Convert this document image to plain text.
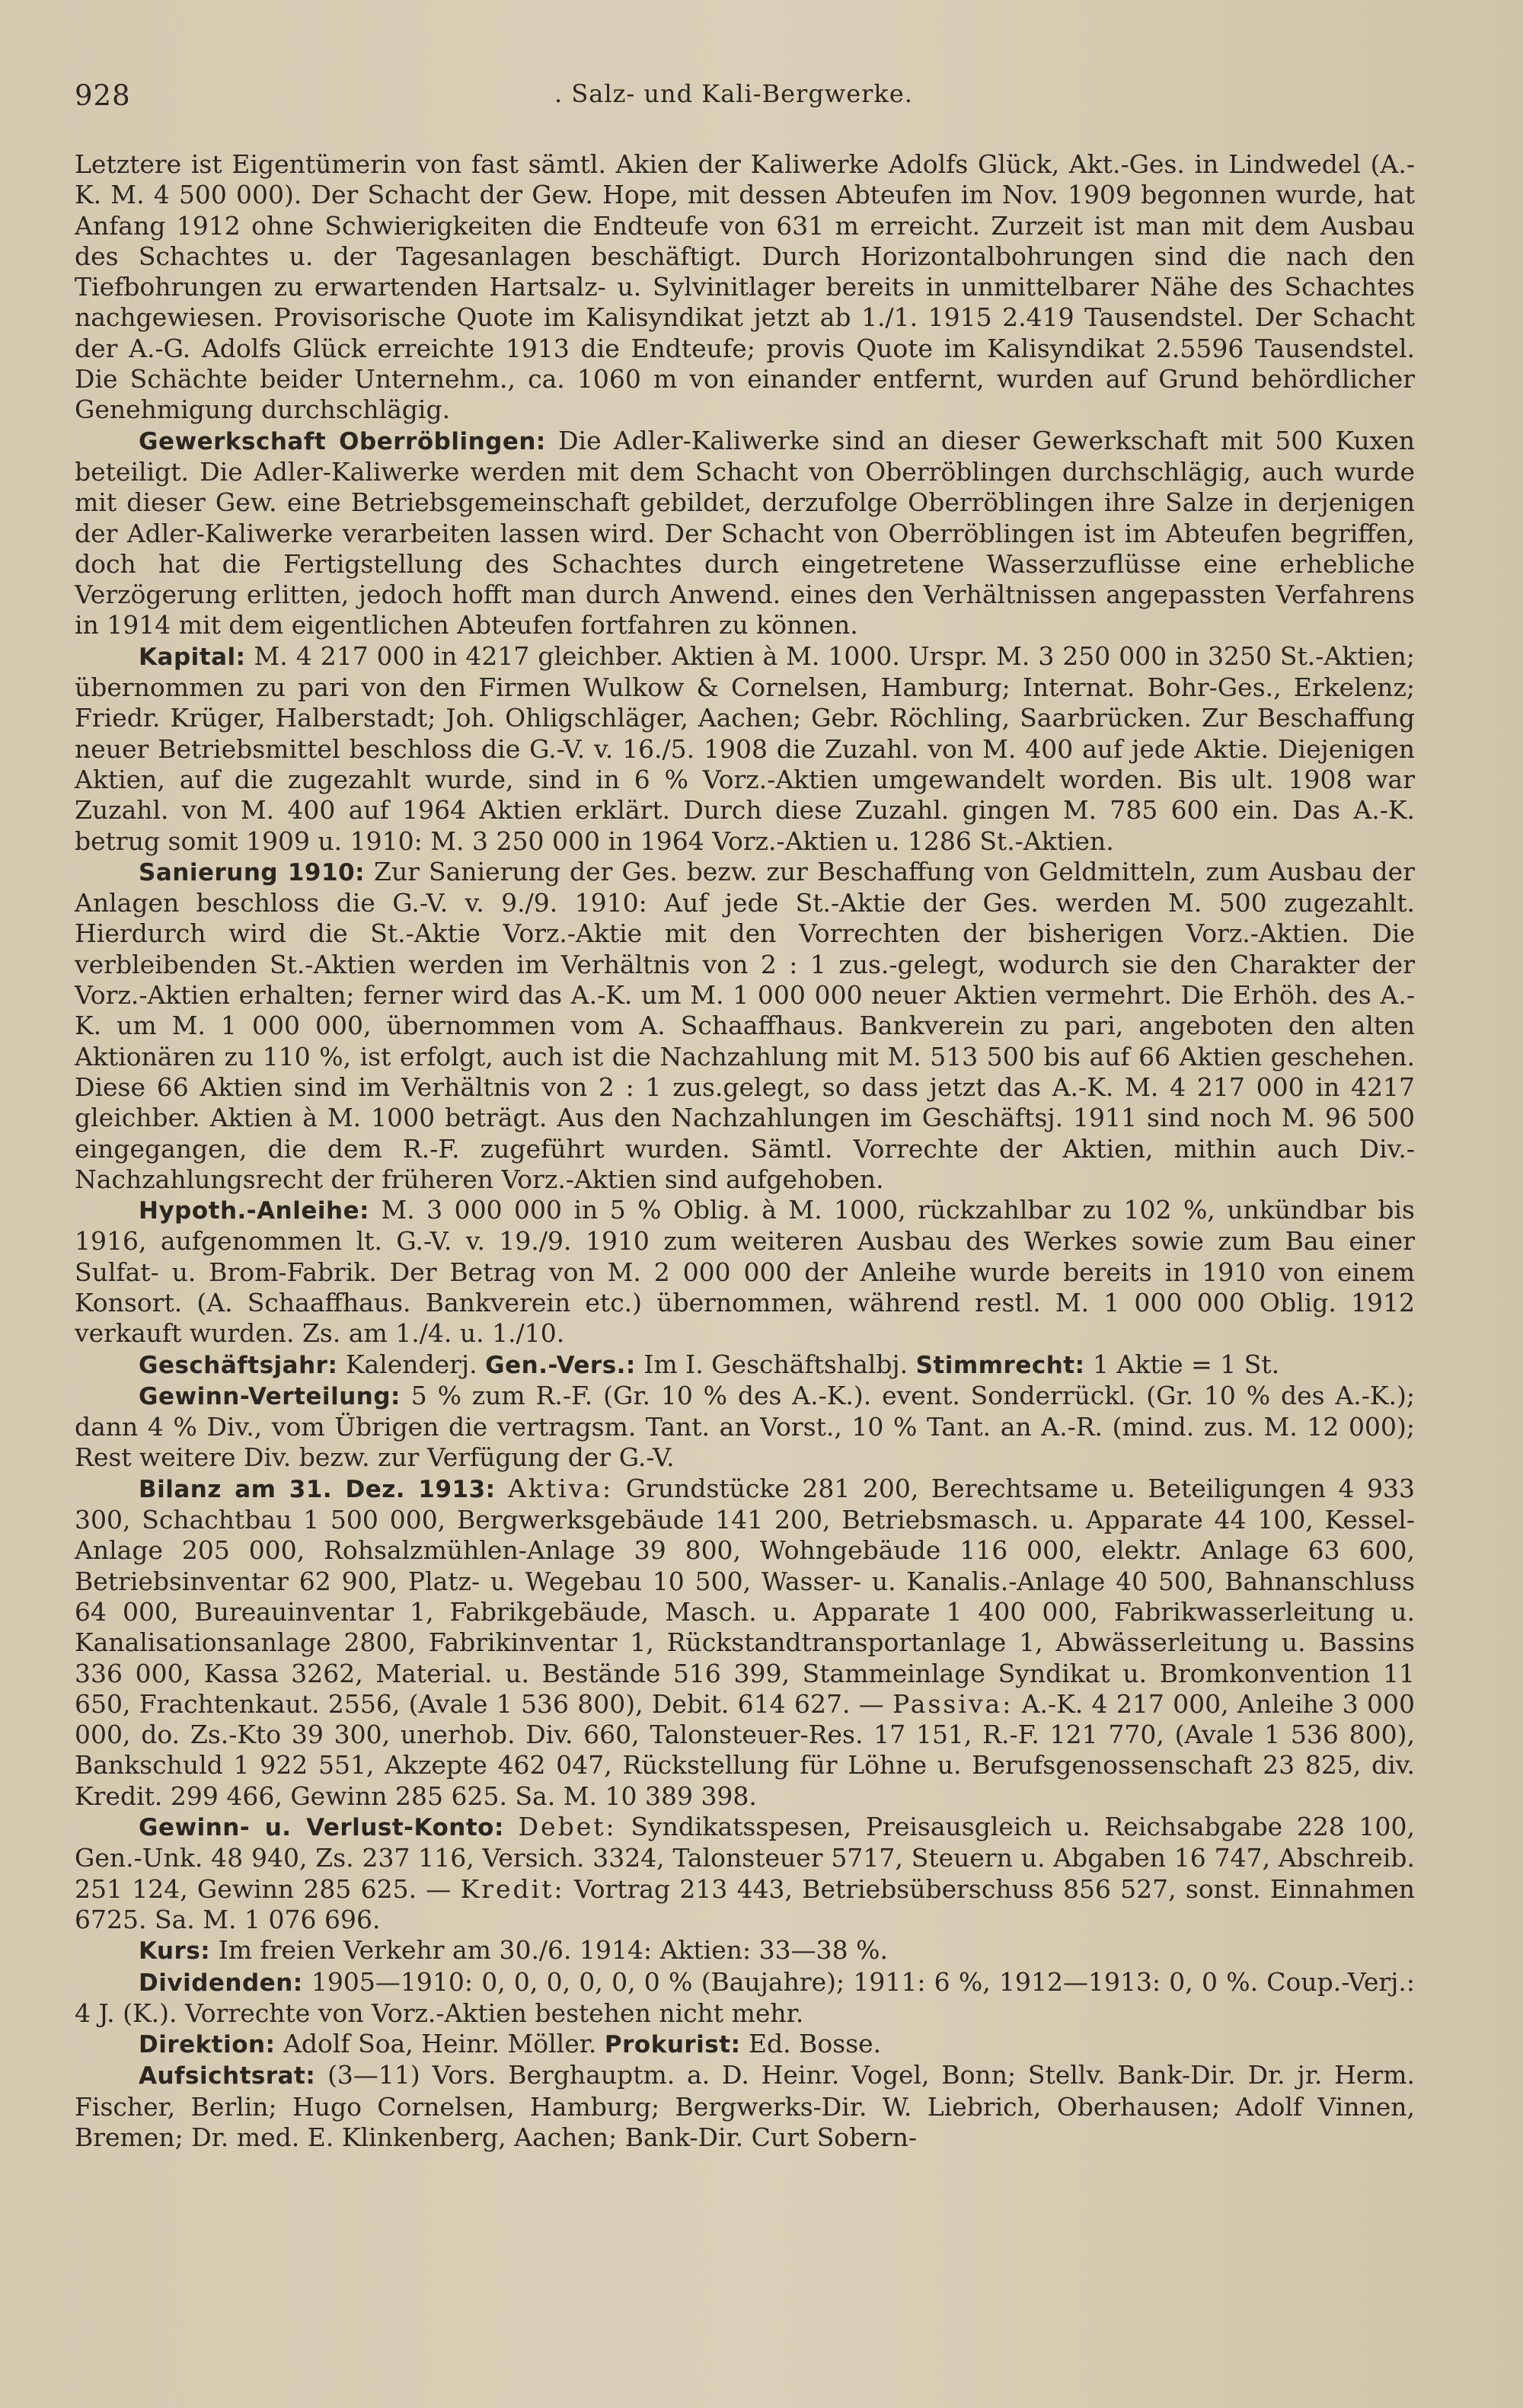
928	. Salz- und Kali-Bergwerke.

Letztere ist Eigentümerin von fast sämtl. Akien der Kaliwerke Adolfs Glück, Akt.-Ges. in Lindwedel (A.-K. M. 4 500 000). Der Schacht der Gew. Hope, mit dessen Abteufen im Nov. 1909 begonnen wurde, hat Anfang 1912 ohne Schwierigkeiten die Endteufe von 631 m erreicht. Zurzeit ist man mit dem Ausbau des Schachtes u. der Tagesanlagen beschäftigt. Durch Horizontalbohrungen sind die nach den Tiefbohrungen zu erwartenden Hartsalz- u. Sylvinitlager bereits in unmittelbarer Nähe des Schachtes nachgewiesen. Provisorische Quote im Kalisyndikat jetzt ab 1./1. 1915 2.419 Tausendstel. Der Schacht der A.-G. Adolfs Glück erreichte 1913 die Endteufe; provis Quote im Kalisyndikat 2.5596 Tausendstel. Die Schächte beider Unternehm., ca. 1060 m von einander entfernt, wurden auf Grund behördlicher Genehmigung durchschlägig.

Gewerkschaft Oberröblingen: Die Adler-Kaliwerke sind an dieser Gewerkschaft mit 500 Kuxen beteiligt. Die Adler-Kaliwerke werden mit dem Schacht von Oberröblingen durchschlägig, auch wurde mit dieser Gew. eine Betriebsgemeinschaft gebildet, derzufolge Oberröblingen ihre Salze in derjenigen der Adler-Kaliwerke verarbeiten lassen wird. Der Schacht von Oberröblingen ist im Abteufen begriffen, doch hat die Fertigstellung des Schachtes durch eingetretene Wasserzuflüsse eine erhebliche Verzögerung erlitten, jedoch hofft man durch Anwend. eines den Verhältnissen angepassten Verfahrens in 1914 mit dem eigentlichen Abteufen fortfahren zu können.

Kapital: M. 4 217 000 in 4217 gleichber. Aktien à M. 1000. Urspr. M. 3 250 000 in 3250 St.-Aktien; übernommen zu pari von den Firmen Wulkow & Cornelsen, Hamburg; Internat. Bohr-Ges., Erkelenz; Friedr. Krüger, Halberstadt; Joh. Ohligschläger, Aachen; Gebr. Röchling, Saarbrücken. Zur Beschaffung neuer Betriebsmittel beschloss die G.-V. v. 16./5. 1908 die Zuzahl. von M. 400 auf jede Aktie. Diejenigen Aktien, auf die zugezahlt wurde, sind in 6 % Vorz.-Aktien umgewandelt worden. Bis ult. 1908 war Zuzahl. von M. 400 auf 1964 Aktien erklärt. Durch diese Zuzahl. gingen M. 785 600 ein. Das A.-K. betrug somit 1909 u. 1910: M. 3 250 000 in 1964 Vorz.-Aktien u. 1286 St.-Aktien.

Sanierung 1910: Zur Sanierung der Ges. bezw. zur Beschaffung von Geldmitteln, zum Ausbau der Anlagen beschloss die G.-V. v. 9./9. 1910: Auf jede St.-Aktie der Ges. werden M. 500 zugezahlt. Hierdurch wird die St.-Aktie Vorz.-Aktie mit den Vorrechten der bisherigen Vorz.-Aktien. Die verbleibenden St.-Aktien werden im Verhältnis von 2 : 1 zus.-gelegt, wodurch sie den Charakter der Vorz.-Aktien erhalten; ferner wird das A.-K. um M. 1 000 000 neuer Aktien vermehrt. Die Erhöh. des A.-K. um M. 1 000 000, übernommen vom A. Schaaffhaus. Bankverein zu pari, angeboten den alten Aktionären zu 110 %, ist erfolgt, auch ist die Nachzahlung mit M. 513 500 bis auf 66 Aktien geschehen. Diese 66 Aktien sind im Verhältnis von 2 : 1 zus.gelegt, so dass jetzt das A.-K. M. 4 217 000 in 4217 gleichber. Aktien à M. 1000 beträgt. Aus den Nachzahlungen im Geschäftsj. 1911 sind noch M. 96 500 eingegangen, die dem R.-F. zugeführt wurden. Sämtl. Vorrechte der Aktien, mithin auch Div.-Nachzahlungsrecht der früheren Vorz.-Aktien sind aufgehoben.

Hypoth.-Anleihe: M. 3 000 000 in 5 % Oblig. à M. 1000, rückzahlbar zu 102 %, unkündbar bis 1916, aufgenommen lt. G.-V. v. 19./9. 1910 zum weiteren Ausbau des Werkes sowie zum Bau einer Sulfat- u. Brom-Fabrik. Der Betrag von M. 2 000 000 der Anleihe wurde bereits in 1910 von einem Konsort. (A. Schaaffhaus. Bankverein etc.) übernommen, während restl. M. 1 000 000 Oblig. 1912 verkauft wurden. Zs. am 1./4. u. 1./10.

Geschäftsjahr: Kalenderj. Gen.-Vers.: Im I. Geschäftshalbj. Stimmrecht: 1 Aktie = 1 St.

Gewinn-Verteilung: 5 % zum R.-F. (Gr. 10 % des A.-K.). event. Sonderrückl. (Gr. 10 % des A.-K.); dann 4 % Div., vom Übrigen die vertragsm. Tant. an Vorst., 10 % Tant. an A.-R. (mind. zus. M. 12 000); Rest weitere Div. bezw. zur Verfügung der G.-V.

Bilanz am 31. Dez. 1913: Aktiva: Grundstücke 281 200, Berechtsame u. Beteiligungen 4 933 300, Schachtbau 1 500 000, Bergwerksgebäude 141 200, Betriebsmasch. u. Apparate 44 100, Kessel-Anlage 205 000, Rohsalzmühlen-Anlage 39 800, Wohngebäude 116 000, elektr. Anlage 63 600, Betriebsinventar 62 900, Platz- u. Wegebau 10 500, Wasser- u. Kanalis.-Anlage 40 500, Bahnanschluss 64 000, Bureauinventar 1, Fabrikgebäude, Masch. u. Apparate 1 400 000, Fabrikwasserleitung u. Kanalisationsanlage 2800, Fabrikinventar 1, Rückstandtransportanlage 1, Abwässerleitung u. Bassins 336 000, Kassa 3262, Material. u. Bestände 516 399, Stammeinlage Syndikat u. Bromkonvention 11 650, Frachtenkaut. 2556, (Avale 1 536 800), Debit. 614 627. — Passiva: A.-K. 4 217 000, Anleihe 3 000 000, do. Zs.-Kto 39 300, unerhob. Div. 660, Talonsteuer-Res. 17 151, R.-F. 121 770, (Avale 1 536 800), Bankschuld 1 922 551, Akzepte 462 047, Rückstellung für Löhne u. Berufsgenossenschaft 23 825, div. Kredit. 299 466, Gewinn 285 625. Sa. M. 10 389 398.

Gewinn- u. Verlust-Konto: Debet: Syndikatsspesen, Preisausgleich u. Reichsabgabe 228 100, Gen.-Unk. 48 940, Zs. 237 116, Versich. 3324, Talonsteuer 5717, Steuern u. Abgaben 16 747, Abschreib. 251 124, Gewinn 285 625. — Kredit: Vortrag 213 443, Betriebsüberschuss 856 527, sonst. Einnahmen 6725. Sa. M. 1 076 696.

Kurs: Im freien Verkehr am 30./6. 1914: Aktien: 33—38 %.

Dividenden: 1905—1910: 0, 0, 0, 0, 0, 0 % (Baujahre); 1911: 6 %, 1912—1913: 0, 0 %. Coup.-Verj.: 4 J. (K.). Vorrechte von Vorz.-Aktien bestehen nicht mehr.

Direktion: Adolf Soa, Heinr. Möller. Prokurist: Ed. Bosse.

Aufsichtsrat: (3—11) Vors. Berghauptm. a. D. Heinr. Vogel, Bonn; Stellv. Bank-Dir. Dr. jr. Herm. Fischer, Berlin; Hugo Cornelsen, Hamburg; Bergwerks-Dir. W. Liebrich, Oberhausen; Adolf Vinnen, Bremen; Dr. med. E. Klinkenberg, Aachen; Bank-Dir. Curt Sobern-
